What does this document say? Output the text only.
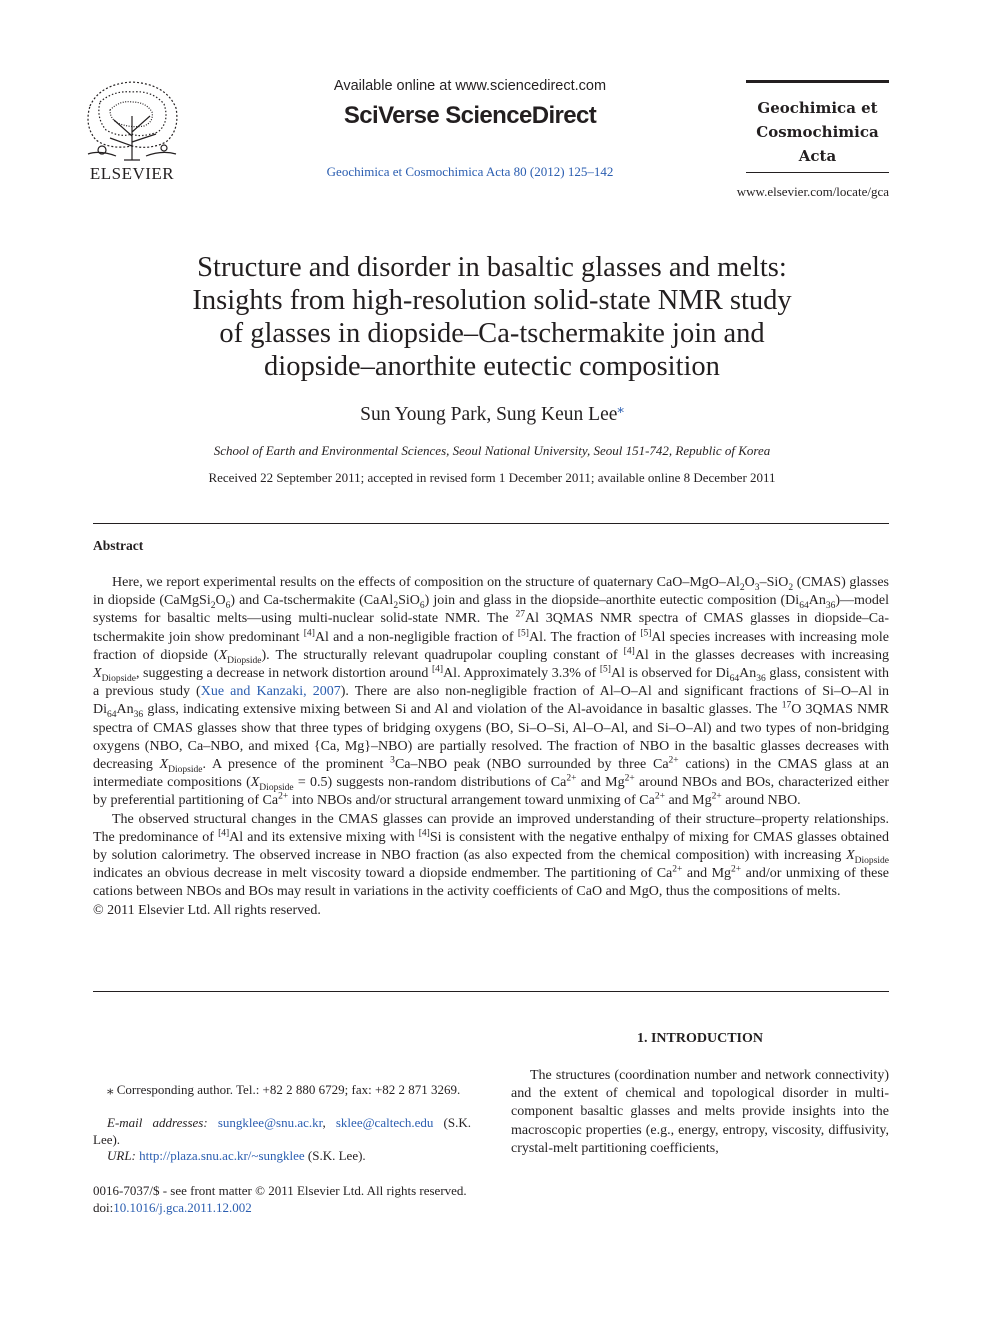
ELSEVIER
Available online at www.sciencedirect.com
SciVerse ScienceDirect
Geochimica et Cosmochimica Acta 80 (2012) 125–142
Geochimica et
Cosmochimica
Acta
www.elsevier.com/locate/gca
Structure and disorder in basaltic glasses and melts:
Insights from high-resolution solid-state NMR study
of glasses in diopside–Ca-tschermakite join and
diopside–anorthite eutectic composition
Sun Young Park, Sung Keun Lee⁎
School of Earth and Environmental Sciences, Seoul National University, Seoul 151-742, Republic of Korea
Received 22 September 2011; accepted in revised form 1 December 2011; available online 8 December 2011
Abstract

Here, we report experimental results on the effects of composition on the structure of quaternary CaO–$MgO-Al_2O_3-SiO_2$ (CMAS) glasses in diopside $(CaMgSi_2O_6)$ and Ca-tschermakite (CaAl$_2$SiO$_6$) join and glass in the diopside–anorthite eutectic composition $(Di_{64}An_{36})—model$ systems for basaltic melts—using multi-nuclear solid-state NMR. The $^{27}$Al 3QMAS NMR spectra of CMAS glasses in diopside–Ca-tschermakite join show predominant [4]Al and a non-negligible fraction of [5]Al. The fraction of [5]Al species increases with increasing mole fraction of diopside $(X_{Diopside})$. The structurally relevant quadrupolar coupling constant of [4]Al in the glasses decreases with increasing $X_{Diopside}$, suggesting a decrease in network distortion around [4]Al. Approximately 3.3% of [5]Al is observed for $Di_{64}An_{36}$ glass, consistent with a previous study (Xue and Kanzaki, 2007). There are also non-negligible fraction of Al–O–Al and significant fractions of Si–O–Al in $Di_{64}An_{36}$ glass, indicating extensive mixing between Si and Al and violation of the Al-avoidance in basaltic glasses. The $^{17}$O 3QMAS NMR spectra of CMAS glasses show that three types of bridging oxygens (BO, Si–O–Si, Al–O–Al, and Si–O–Al) and two types of non-bridging oxygens (NBO, Ca–NBO, and mixed {Ca, Mg}–NBO) are partially resolved. The fraction of NBO in the basaltic glasses decreases with decreasing $X_{Diopside}$. A presence of the prominent $^3$Ca–NBO peak (NBO surrounded by three $Ca^{2+}$ cations) in the CMAS glass at an intermediate compositions $(X_{Diopside} = 0.5)$ suggests non-random distributions of $Ca^{2+}$ and $Mg^{2+}$ around NBOs and BOs, characterized either by preferential partitioning of $Ca^{2+}$ into NBOs and/or structural arrangement toward unmixing of $Ca^{2+}$ and $Mg^{2+}$ around NBO.

The observed structural changes in the CMAS glasses can provide an improved understanding of their structure–property relationships. The predominance of [4]Al and its extensive mixing with [4]Si is consistent with the negative enthalpy of mixing for CMAS glasses obtained by solution calorimetry. The observed increase in NBO fraction (as also expected from the chemical composition) with increasing $X_{Diopside}$ indicates an obvious decrease in melt viscosity toward a diopside endmember. The partitioning of $Ca^{2+}$ and $Mg^{2+}$ and/or unmixing of these cations between NBOs and BOs may result in variations in the activity coefficients of CaO and MgO, thus the compositions of melts.

© 2011 Elsevier Ltd. All rights reserved.

1. INTRODUCTION

The structures (coordination number and network connectivity) and the extent of chemical and topological disorder in multi-component basaltic glasses and melts provide insights into the macroscopic properties (e.g., energy, entropy, viscosity, diffusivity, crystal-melt partitioning coefficients,

⁎ Corresponding author. Tel.: +82 2 880 6729; fax: +82 2 871 3269.
E-mail addresses: sungklee@snu.ac.kr, sklee@caltech.edu (S.K. Lee).
URL: http://plaza.snu.ac.kr/~sungklee (S.K. Lee).
0016-7037/$ - see front matter © 2011 Elsevier Ltd. All rights reserved.
doi:10.1016/j.gca.2011.12.002
